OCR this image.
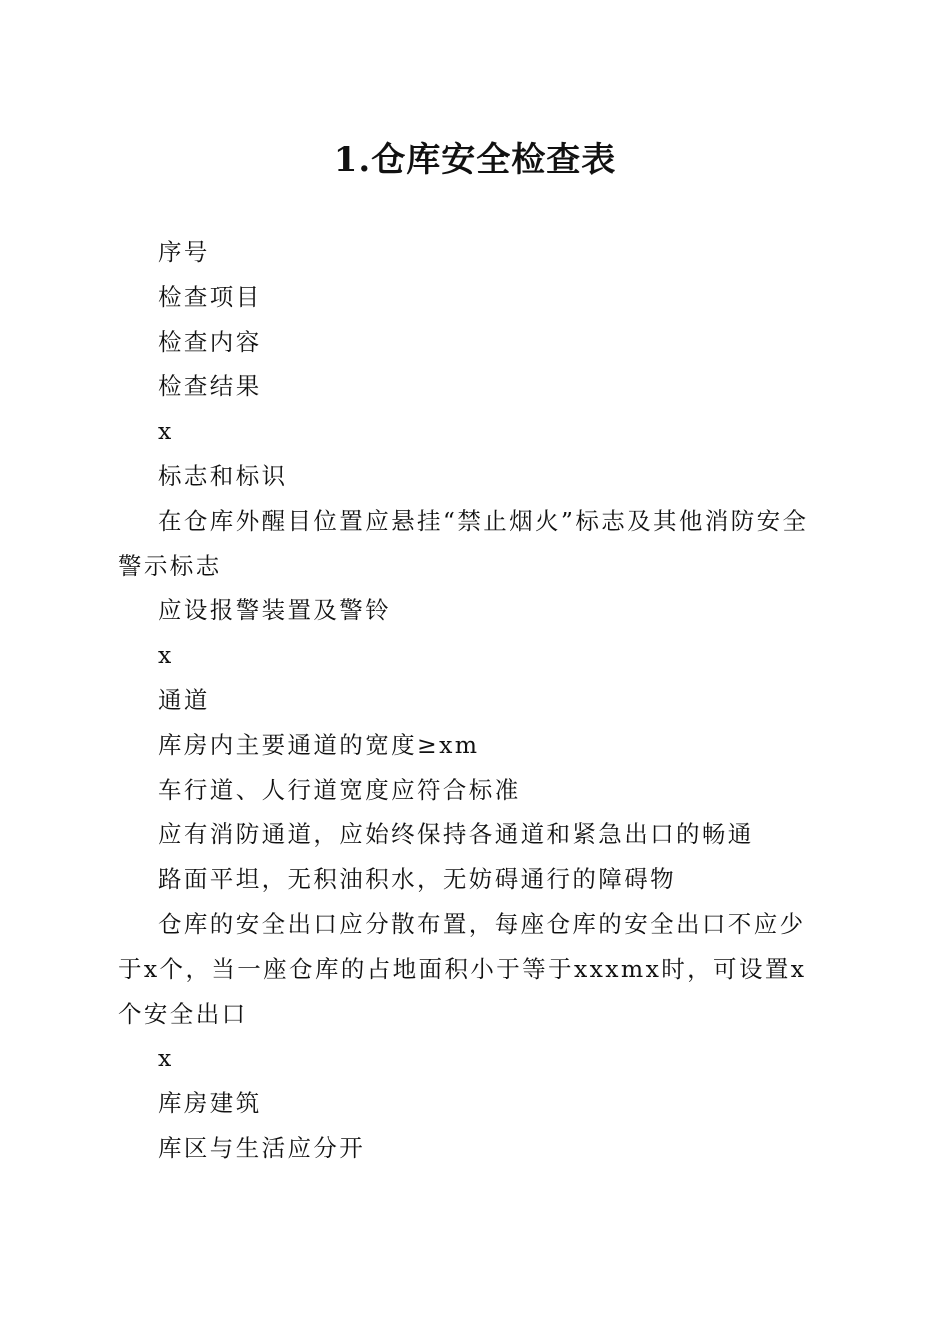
1.仓库安全检查表

序号

检查项目

检查内容

检查结果

x

标志和标识

在仓库外醒目位置应悬挂“禁止烟火”标志及其他消防安全警示标志

应设报警装置及警铃

x

通道

库房内主要通道的宽度≥xm

车行道、人行道宽度应符合标准

应有消防通道，应始终保持各通道和紧急出口的畅通

路面平坦，无积油积水，无妨碍通行的障碍物

仓库的安全出口应分散布置，每座仓库的安全出口不应少于x个，当一座仓库的占地面积小于等于xxxmx时，可设置x个安全出口

x

库房建筑

库区与生活应分开
